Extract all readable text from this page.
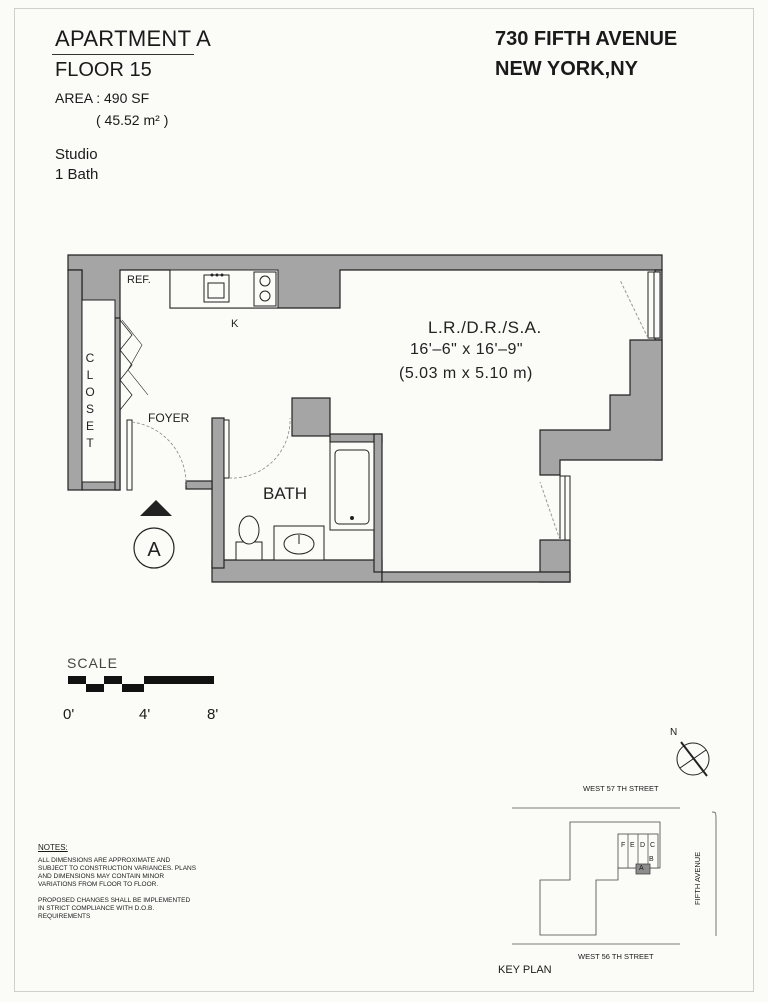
APARTMENT A
FLOOR 15
AREA : 490 SF
( 45.52 m² )
Studio
1 Bath
730 FIFTH AVENUE
NEW YORK,NY
A
L.R./D.R./S.A.
16'–6" x 16'–9"
(5.03 m x 5.10 m)
BATH
FOYER
K
REF.
C
L
O
S
E
T
SCALE
0'	4'	8'
NOTES:

ALL DIMENSIONS ARE APPROXIMATE AND SUBJECT TO CONSTRUCTION VARIANCES. PLANS AND DIMENSIONS MAY CONTAIN MINOR VARIATIONS FROM FLOOR TO FLOOR.

PROPOSED CHANGES SHALL BE IMPLEMENTED IN STRICT COMPLIANCE WITH D.O.B. REQUIREMENTS

N
WEST 57 TH STREET
WEST 56 TH STREET
FIFTH AVENUE
KEY PLAN
F E D C
B
A
